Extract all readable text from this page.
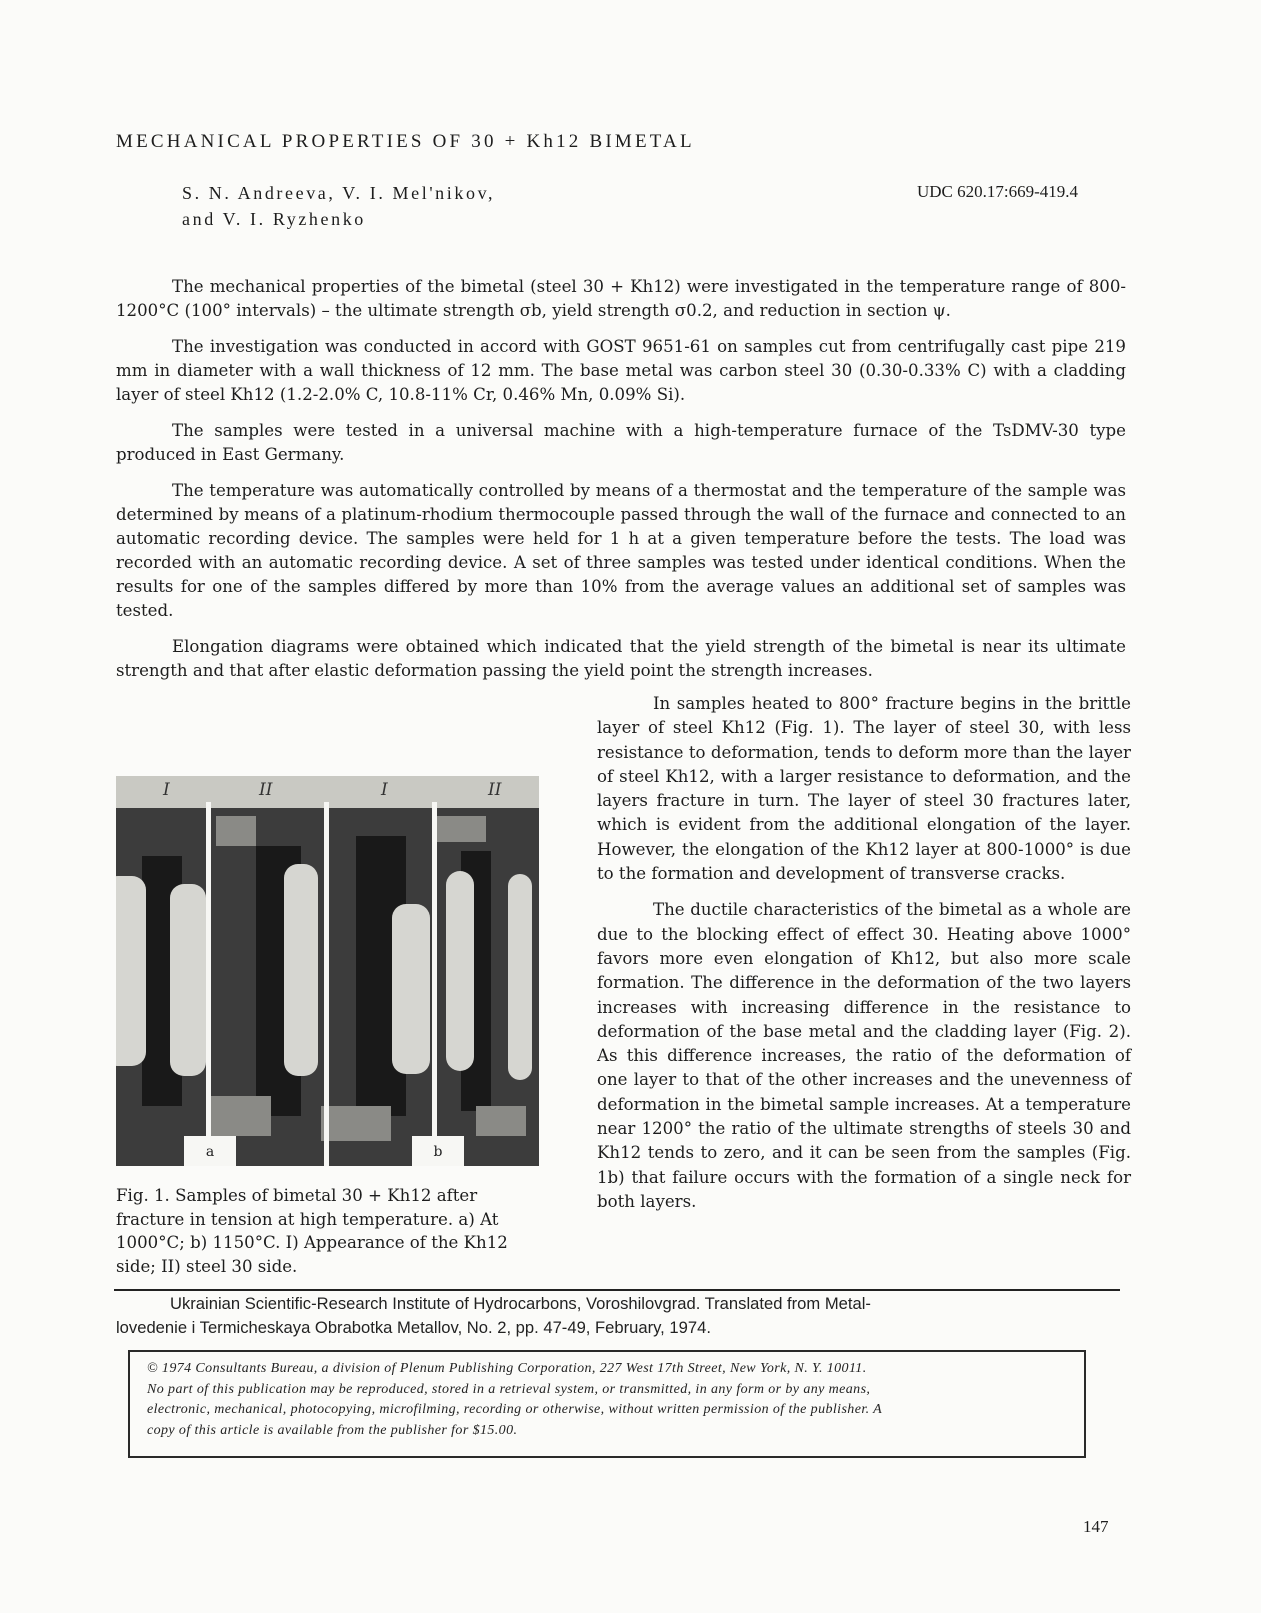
MECHANICAL PROPERTIES OF 30 + Kh12 BIMETAL
S. N. Andreeva, V. I. Mel'nikov,
and V. I. Ryzhenko
UDC 620.17:669-419.4

The mechanical properties of the bimetal (steel 30 + Kh12) were investigated in the temperature range of 800-1200°C (100° intervals) – the ultimate strength σb, yield strength σ0.2, and reduction in section ψ.

The investigation was conducted in accord with GOST 9651-61 on samples cut from centrifugally cast pipe 219 mm in diameter with a wall thickness of 12 mm. The base metal was carbon steel 30 (0.30-0.33% C) with a cladding layer of steel Kh12 (1.2-2.0% C, 10.8-11% Cr, 0.46% Mn, 0.09% Si).

The samples were tested in a universal machine with a high-temperature furnace of the TsDMV-30 type produced in East Germany.

The temperature was automatically controlled by means of a thermostat and the temperature of the sample was determined by means of a platinum-rhodium thermocouple passed through the wall of the furnace and connected to an automatic recording device. The samples were held for 1 h at a given temperature before the tests. The load was recorded with an automatic recording device. A set of three samples was tested under identical conditions. When the results for one of the samples differed by more than 10% from the average values an additional set of samples was tested.

Elongation diagrams were obtained which indicated that the yield strength of the bimetal is near its ultimate strength and that after elastic deformation passing the yield point the strength increases.

In samples heated to 800° fracture begins in the brittle layer of steel Kh12 (Fig. 1). The layer of steel 30, with less resistance to deformation, tends to deform more than the layer of steel Kh12, with a larger resistance to deformation, and the layers fracture in turn. The layer of steel 30 fractures later, which is evident from the additional elongation of the layer. However, the elongation of the Kh12 layer at 800-1000° is due to the formation and development of transverse cracks.

The ductile characteristics of the bimetal as a whole are due to the blocking effect of effect 30. Heating above 1000° favors more even elongation of Kh12, but also more scale formation. The difference in the deformation of the two layers increases with increasing difference in the resistance to deformation of the base metal and the cladding layer (Fig. 2). As this difference increases, the ratio of the deformation of one layer to that of the other increases and the unevenness of deformation in the bimetal sample increases. At a temperature near 1200° the ratio of the ultimate strengths of steels 30 and Kh12 tends to zero, and it can be seen from the samples (Fig. 1b) that failure occurs with the formation of a single neck for both layers.

I	II	I	II
a	b
Fig. 1. Samples of bimetal 30 + Kh12 after fracture in tension at high temperature. a) At 1000°C; b) 1150°C. I) Appearance of the Kh12 side; II) steel 30 side.
Ukrainian Scientific-Research Institute of Hydrocarbons, Voroshilovgrad. Translated from Metal-
lovedenie i Termicheskaya Obrabotka Metallov, No. 2, pp. 47-49, February, 1974.
© 1974 Consultants Bureau, a division of Plenum Publishing Corporation, 227 West 17th Street, New York, N. Y. 10011.
No part of this publication may be reproduced, stored in a retrieval system, or transmitted, in any form or by any means,
electronic, mechanical, photocopying, microfilming, recording or otherwise, without written permission of the publisher. A
copy of this article is available from the publisher for $15.00.
147
